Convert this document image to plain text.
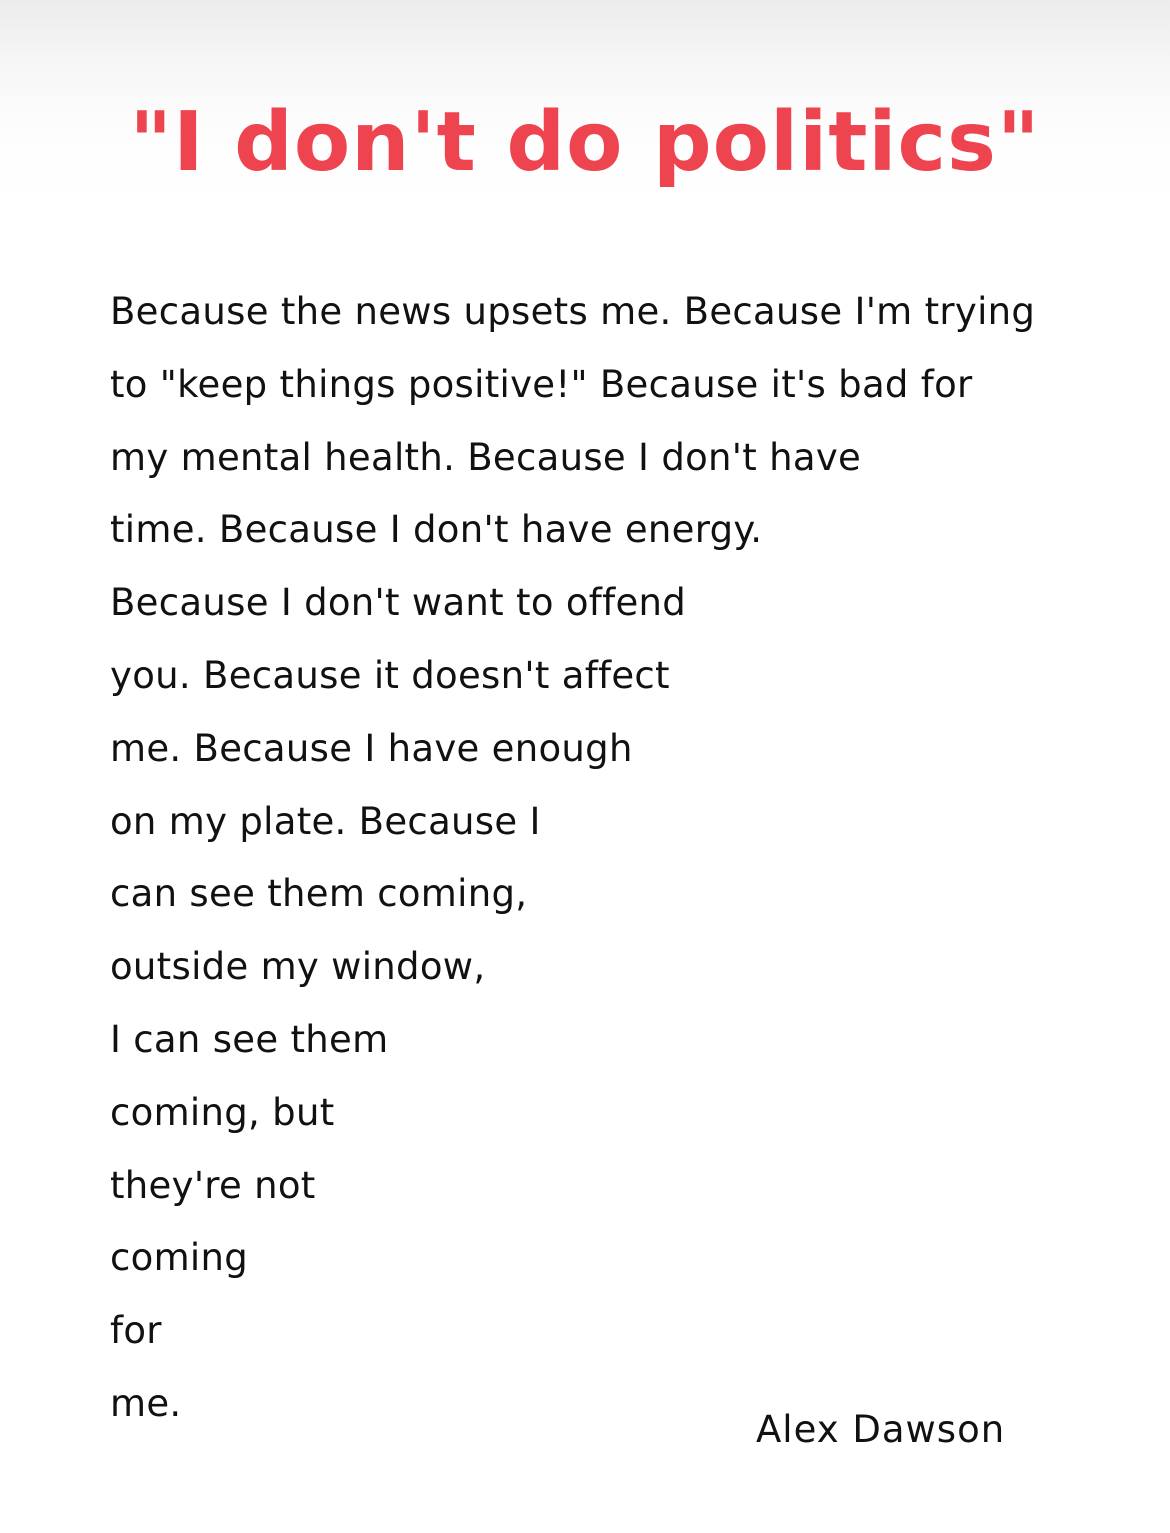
"I don't do politics"
Because the news upsets me. Because I'm trying
to "keep things positive!" Because it's bad for
my mental health. Because I don't have
time. Because I don't have energy.
Because I don't want to offend
you. Because it doesn't affect
me. Because I have enough
on my plate. Because I
can see them coming,
outside my window,
I can see them
coming, but
they're not
coming
for
me.
Alex Dawson
